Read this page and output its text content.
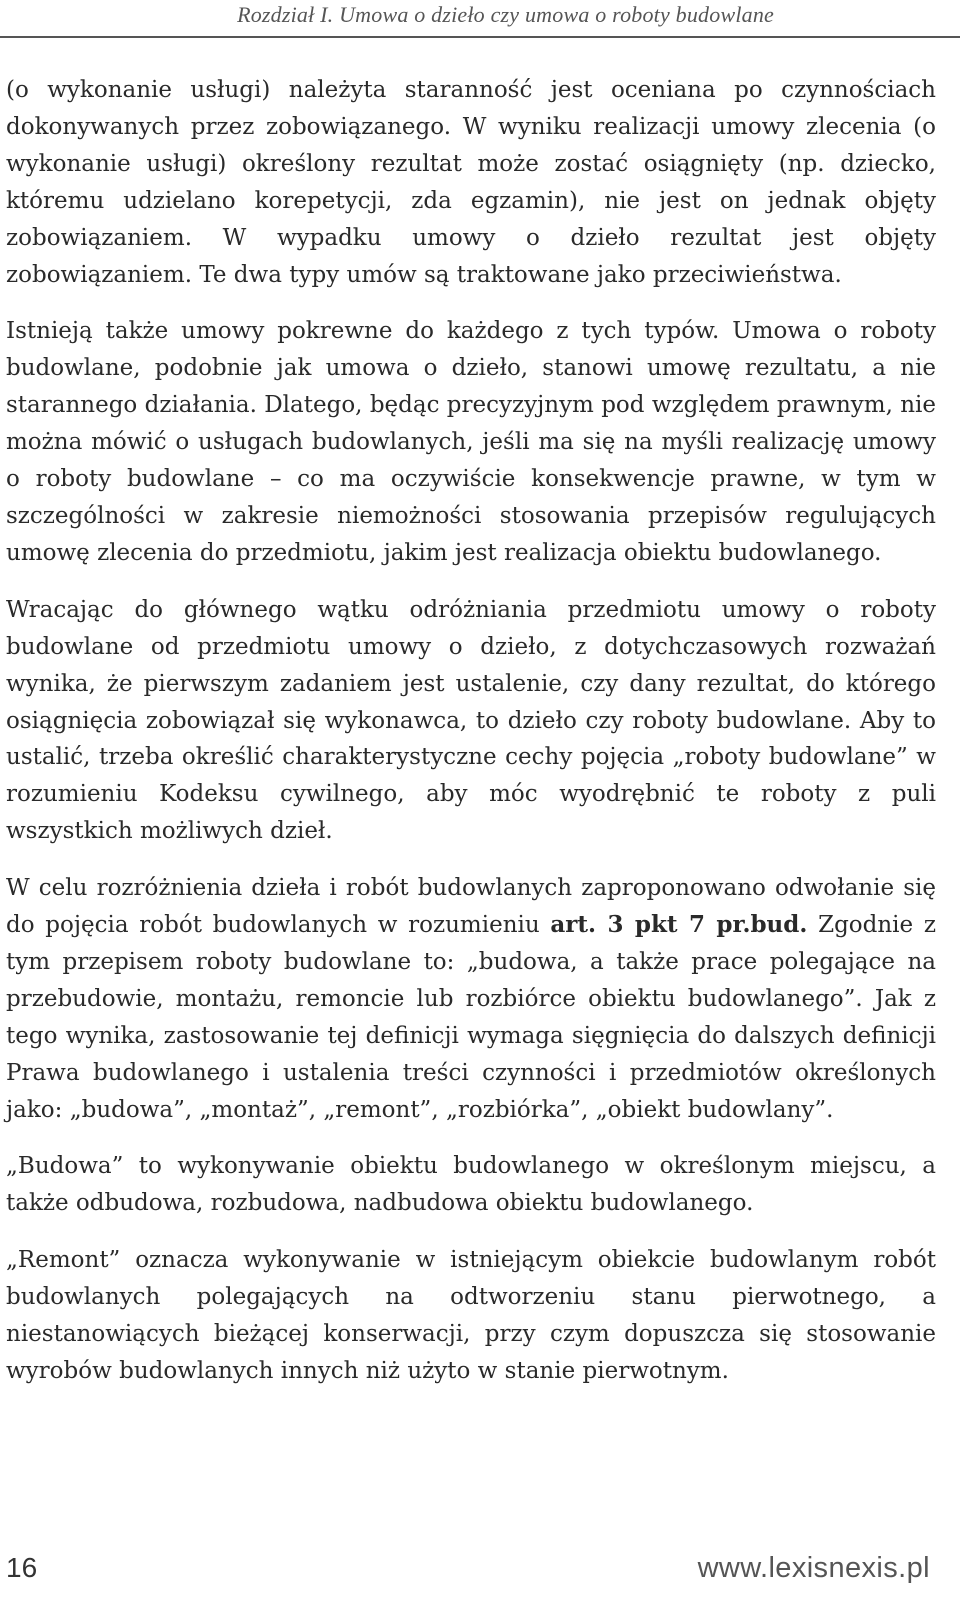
Rozdział I. Umowa o dzieło czy umowa o roboty budowlane

(o wykonanie usługi) należyta staranność jest oceniana po czynnościach dokonywanych przez zobowiązanego. W wyniku realizacji umowy zlecenia (o wykonanie usługi) określony rezultat może zostać osiągnięty (np. dziecko, któremu udzielano korepetycji, zda egzamin), nie jest on jednak objęty zobowiązaniem. W wypadku umowy o dzieło rezultat jest objęty zobowiązaniem. Te dwa typy umów są traktowane jako przeciwieństwa.

Istnieją także umowy pokrewne do każdego z tych typów. Umowa o roboty budowlane, podobnie jak umowa o dzieło, stanowi umowę rezultatu, a nie starannego działania. Dlatego, będąc precyzyjnym pod względem prawnym, nie można mówić o usługach budowlanych, jeśli ma się na myśli realizację umowy o roboty budowlane – co ma oczywiście konsekwencje prawne, w tym w szczególności w zakresie niemożności stosowania przepisów regulujących umowę zlecenia do przedmiotu, jakim jest realizacja obiektu budowlanego.

Wracając do głównego wątku odróżniania przedmiotu umowy o roboty budowlane od przedmiotu umowy o dzieło, z dotychczasowych rozważań wynika, że pierwszym zadaniem jest ustalenie, czy dany rezultat, do którego osiągnięcia zobowiązał się wykonawca, to dzieło czy roboty budowlane. Aby to ustalić, trzeba określić charakterystyczne cechy pojęcia „roboty budowlane” w rozumieniu Kodeksu cywilnego, aby móc wyodrębnić te roboty z puli wszystkich możliwych dzieł.

W celu rozróżnienia dzieła i robót budowlanych zaproponowano odwołanie się do pojęcia robót budowlanych w rozumieniu art. 3 pkt 7 pr.bud. Zgodnie z tym przepisem roboty budowlane to: „budowa, a także prace polegające na przebudowie, montażu, remoncie lub rozbiórce obiektu budowlanego”. Jak z tego wynika, zastosowanie tej definicji wymaga sięgnięcia do dalszych definicji Prawa budowlanego i ustalenia treści czynności i przedmiotów określonych jako: „budowa”, „montaż”, „remont”, „rozbiórka”, „obiekt budowlany”.

„Budowa” to wykonywanie obiektu budowlanego w określonym miejscu, a także odbudowa, rozbudowa, nadbudowa obiektu budowlanego.

„Remont” oznacza wykonywanie w istniejącym obiekcie budowlanym robót budowlanych polegających na odtworzeniu stanu pierwotnego, a niestanowiących bieżącej konserwacji, przy czym dopuszcza się stosowanie wyrobów budowlanych innych niż użyto w stanie pierwotnym.

16	www.lexisnexis.pl
